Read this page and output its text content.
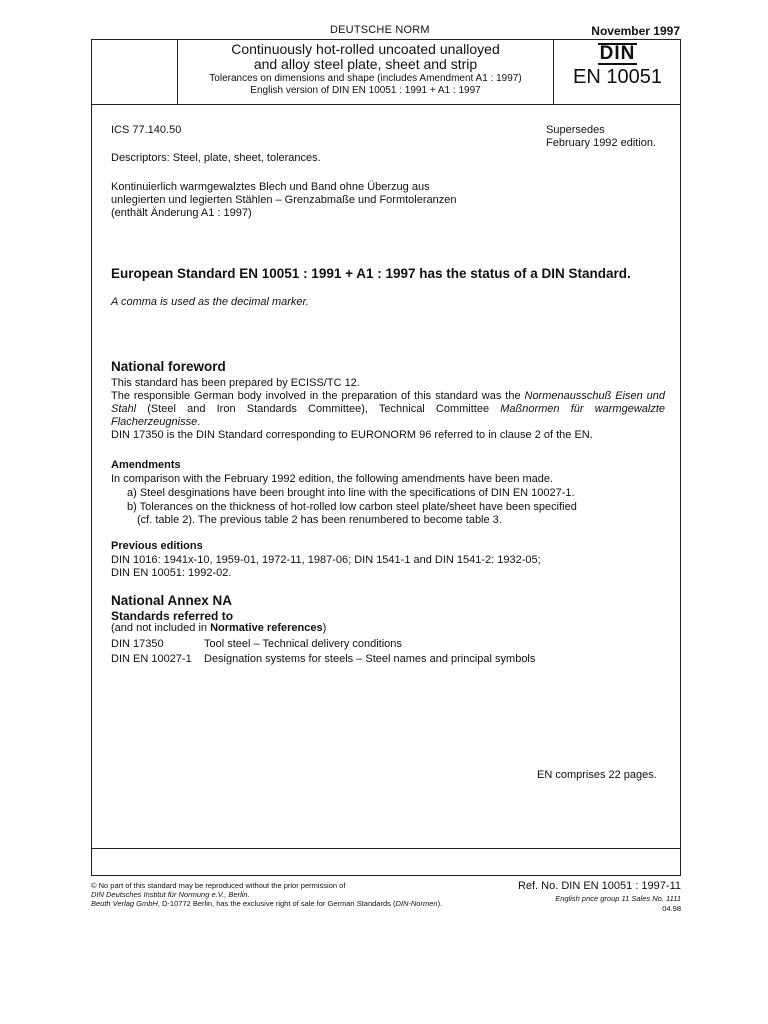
DEUTSCHE NORM	November 1997
Continuously hot-rolled uncoated unalloyed
and alloy steel plate, sheet and strip
Tolerances on dimensions and shape (includes Amendment A1 : 1997)
English version of DIN EN 10051 : 1991 + A1 : 1997
DIN
EN 10051
ICS 77.140.50	Supersedes
February 1992 edition.
Descriptors: Steel, plate, sheet, tolerances.
Kontinuierlich warmgewalztes Blech und Band ohne Überzug aus
unlegierten und legierten Stählen – Grenzabmaße und Formtoleranzen
(enthält Änderung A1 : 1997)
European Standard EN 10051 : 1991 + A1 : 1997 has the status of a DIN Standard.
A comma is used as the decimal marker.
National foreword
This standard has been prepared by ECISS/TC 12.
The responsible German body involved in the preparation of this standard was the Normenausschuß Eisen und Stahl (Steel and Iron Standards Committee), Technical Committee Maßnormen für warmgewalzte Flacherzeugnisse.
DIN 17350 is the DIN Standard corresponding to EURONORM 96 referred to in clause 2 of the EN.
Amendments
In comparison with the February 1992 edition, the following amendments have been made.
a) Steel desginations have been brought into line with the specifications of DIN EN 10027-1.
b) Tolerances on the thickness of hot-rolled low carbon steel plate/sheet have been specified
(cf. table 2). The previous table 2 has been renumbered to become table 3.
Previous editions
DIN 1016: 1941x-10, 1959-01, 1972-11, 1987-06; DIN 1541-1 and DIN 1541-2: 1932-05;
DIN EN 10051: 1992-02.
National Annex NA
Standards referred to
(and not included in Normative references)
DIN 17350	Tool steel – Technical delivery conditions
DIN EN 10027-1 Designation systems for steels – Steel names and principal symbols
EN comprises 22 pages.
© No part of this standard may be reproduced without the prior permission of
DIN Deutsches Institut für Normung e.V., Berlin.
Beuth Verlag GmbH, D-10772 Berlin, has the exclusive right of sale for German Standards (DIN-Normen).
Ref. No. DIN EN 10051 : 1997-11
English price group 11 Sales No. 1111
04.98
